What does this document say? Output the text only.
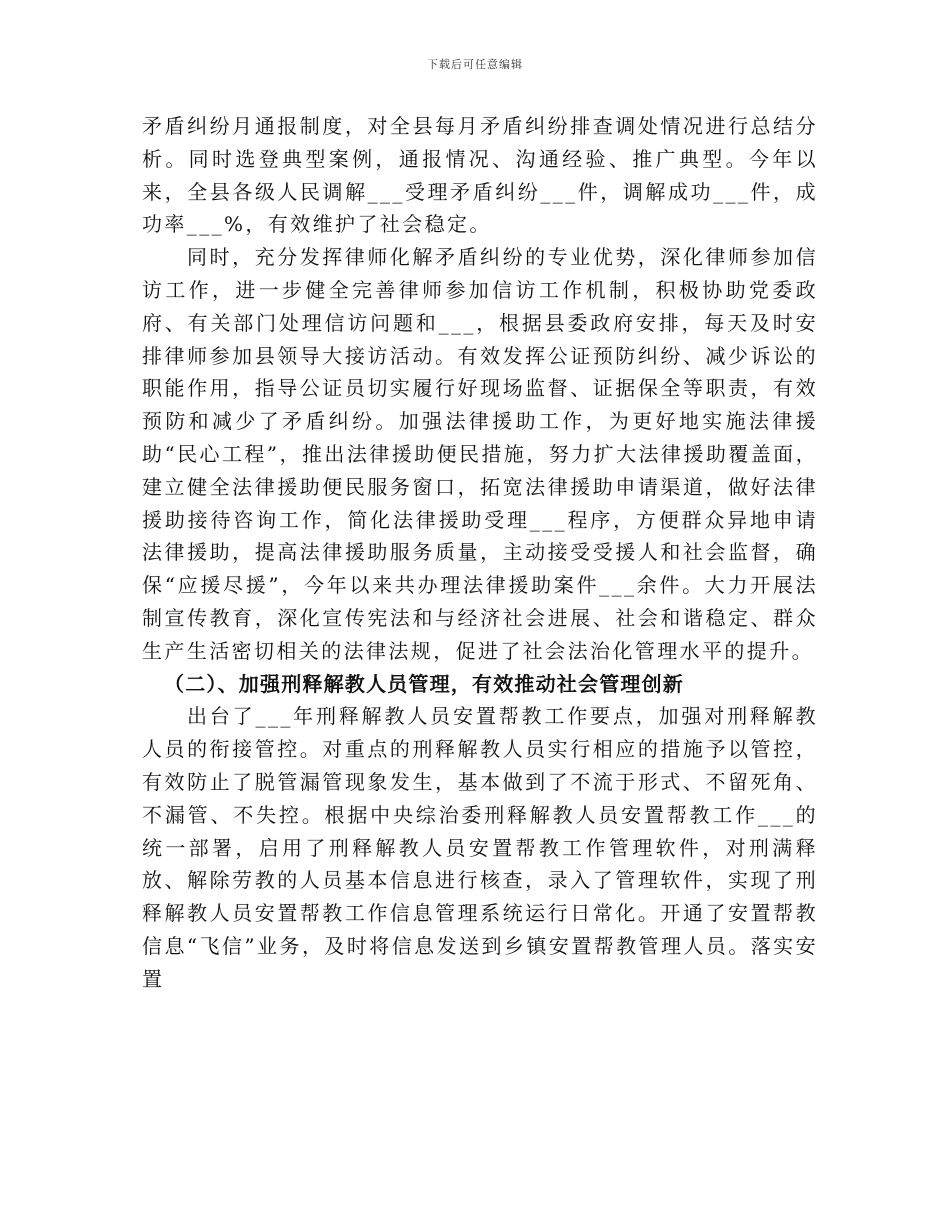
下载后可任意编辑

矛盾纠纷月通报制度，对全县每月矛盾纠纷排查调处情况进行总结分析。同时选登典型案例，通报情况、沟通经验、推广典型。今年以来，全县各级人民调解___受理矛盾纠纷___件，调解成功___件，成功率___%，有效维护了社会稳定。

同时，充分发挥律师化解矛盾纠纷的专业优势，深化律师参加信访工作，进一步健全完善律师参加信访工作机制，积极协助党委政府、有关部门处理信访问题和___，根据县委政府安排，每天及时安排律师参加县领导大接访活动。有效发挥公证预防纠纷、减少诉讼的职能作用，指导公证员切实履行好现场监督、证据保全等职责，有效预防和减少了矛盾纠纷。加强法律援助工作，为更好地实施法律援助“民心工程”，推出法律援助便民措施，努力扩大法律援助覆盖面，建立健全法律援助便民服务窗口，拓宽法律援助申请渠道，做好法律援助接待咨询工作，简化法律援助受理___程序，方便群众异地申请法律援助，提高法律援助服务质量，主动接受受援人和社会监督，确保“应援尽援”，今年以来共办理法律援助案件___余件。大力开展法制宣传教育，深化宣传宪法和与经济社会进展、社会和谐稳定、群众生产生活密切相关的法律法规，促进了社会法治化管理水平的提升。

（二）、加强刑释解教人员管理，有效推动社会管理创新

出台了___年刑释解教人员安置帮教工作要点，加强对刑释解教人员的衔接管控。对重点的刑释解教人员实行相应的措施予以管控，有效防止了脱管漏管现象发生，基本做到了不流于形式、不留死角、不漏管、不失控。根据中央综治委刑释解教人员安置帮教工作___的统一部署，启用了刑释解教人员安置帮教工作管理软件，对刑满释放、解除劳教的人员基本信息进行核查，录入了管理软件，实现了刑释解教人员安置帮教工作信息管理系统运行日常化。开通了安置帮教信息“飞信”业务，及时将信息发送到乡镇安置帮教管理人员。落实安置
